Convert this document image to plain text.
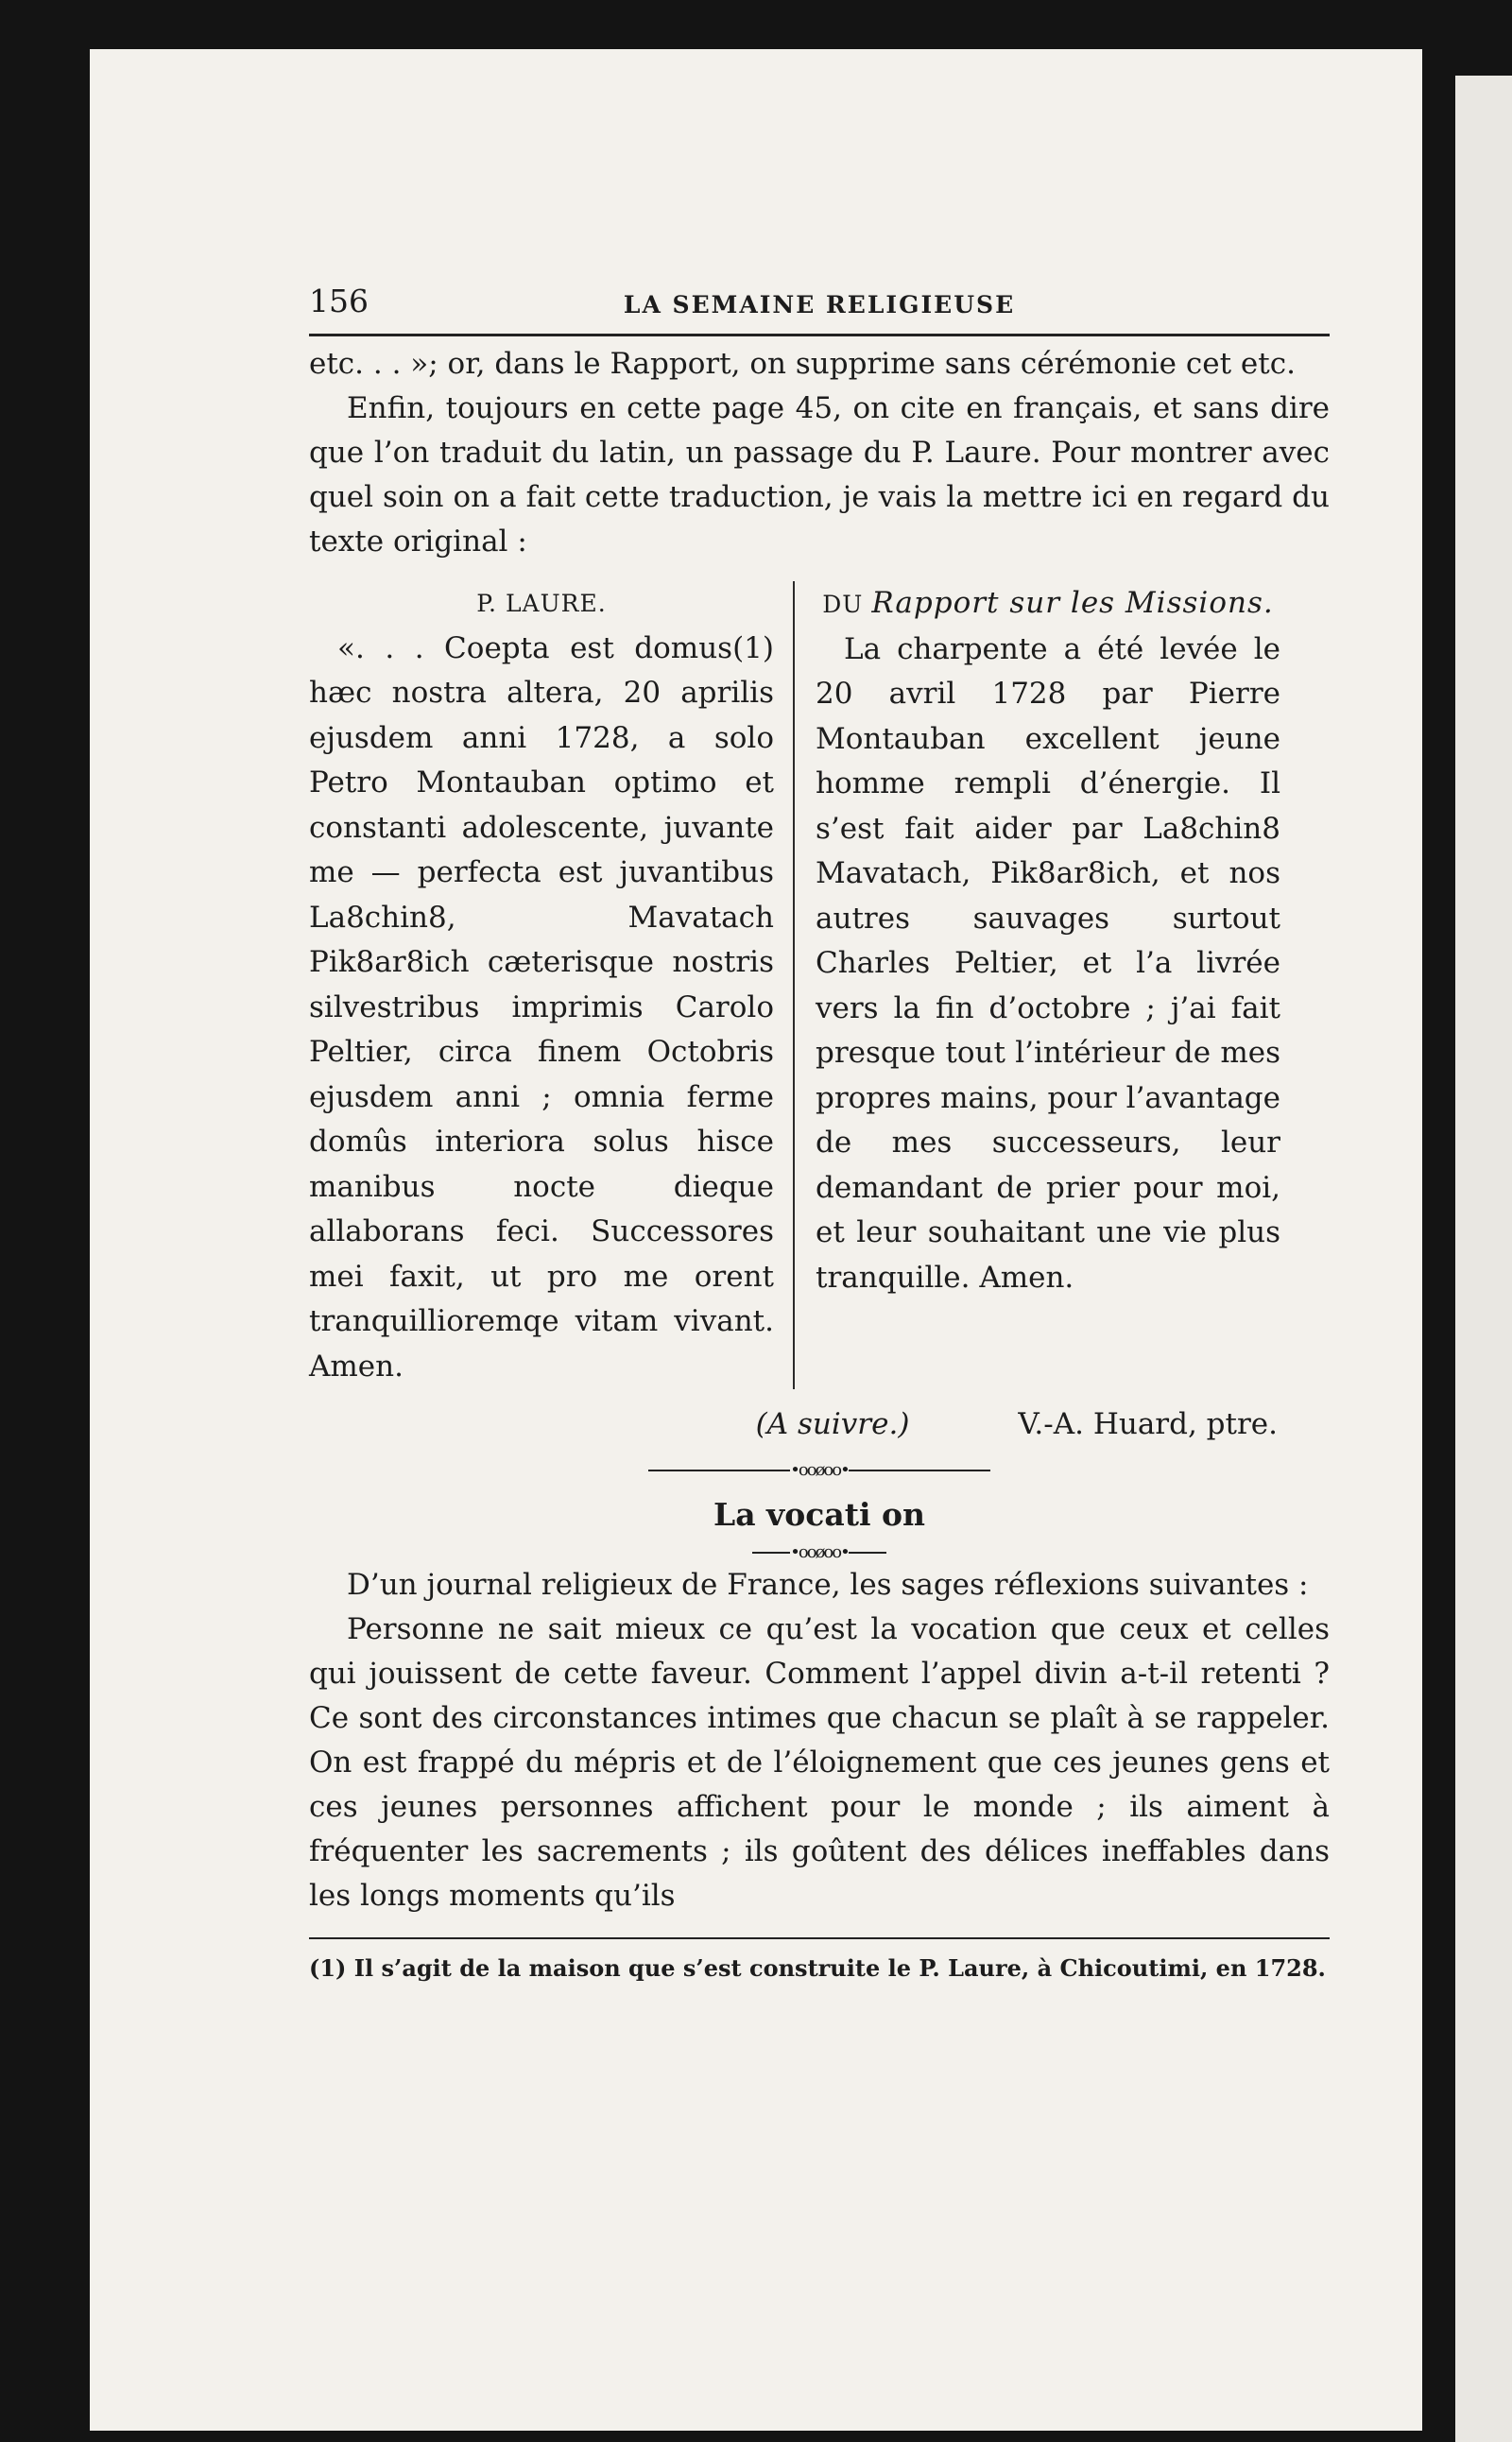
156	LA SEMAINE RELIGIEUSE

etc. . . »; or, dans le Rapport, on supprime sans cérémonie cet etc.

Enfin, toujours en cette page 45, on cite en français, et sans dire que l’on traduit du latin, un passage du P. Laure. Pour montrer avec quel soin on a fait cette traduction, je vais la mettre ici en regard du texte original :

P. LAURE.

«. . . Coepta est domus(1) hæc nostra altera, 20 aprilis ejusdem anni 1728, a solo Petro Montauban optimo et constanti adolescente, juvante me — perfecta est juvantibus La8chin8, Mavatach Pik8ar8ich cæterisque nostris silvestribus imprimis Carolo Peltier, circa finem Octobris ejusdem anni ; omnia ferme domûs interiora solus hisce manibus nocte dieque allaborans feci. Successores mei faxit, ut pro me orent tranquillioremqe vitam vivant. Amen.

DU Rapport sur les Missions.

La charpente a été levée le 20 avril 1728 par Pierre Montauban excellent jeune homme rempli d’énergie. Il s’est fait aider par La8chin8 Mavatach, Pik8ar8ich, et nos autres sauvages surtout Charles Peltier, et l’a livrée vers la fin d’octobre ; j’ai fait presque tout l’intérieur de mes propres mains, pour l’avantage de mes successeurs, leur demandant de prier pour moi, et leur souhaitant une vie plus tranquille. Amen.

(A suivre.)	V.-A. Huard, ptre.
•ooøoo•
La vocati on
•ooøoo•

D’un journal religieux de France, les sages réflexions suivantes :

Personne ne sait mieux ce qu’est la vocation que ceux et celles qui jouissent de cette faveur. Comment l’appel divin a-t-il retenti ? Ce sont des circonstances intimes que chacun se plaît à se rappeler. On est frappé du mépris et de l’éloignement que ces jeunes gens et ces jeunes personnes affichent pour le monde ; ils aiment à fréquenter les sacrements ; ils goûtent des délices ineffables dans les longs moments qu’ils

(1) Il s’agit de la maison que s’est construite le P. Laure, à Chicoutimi, en 1728.
